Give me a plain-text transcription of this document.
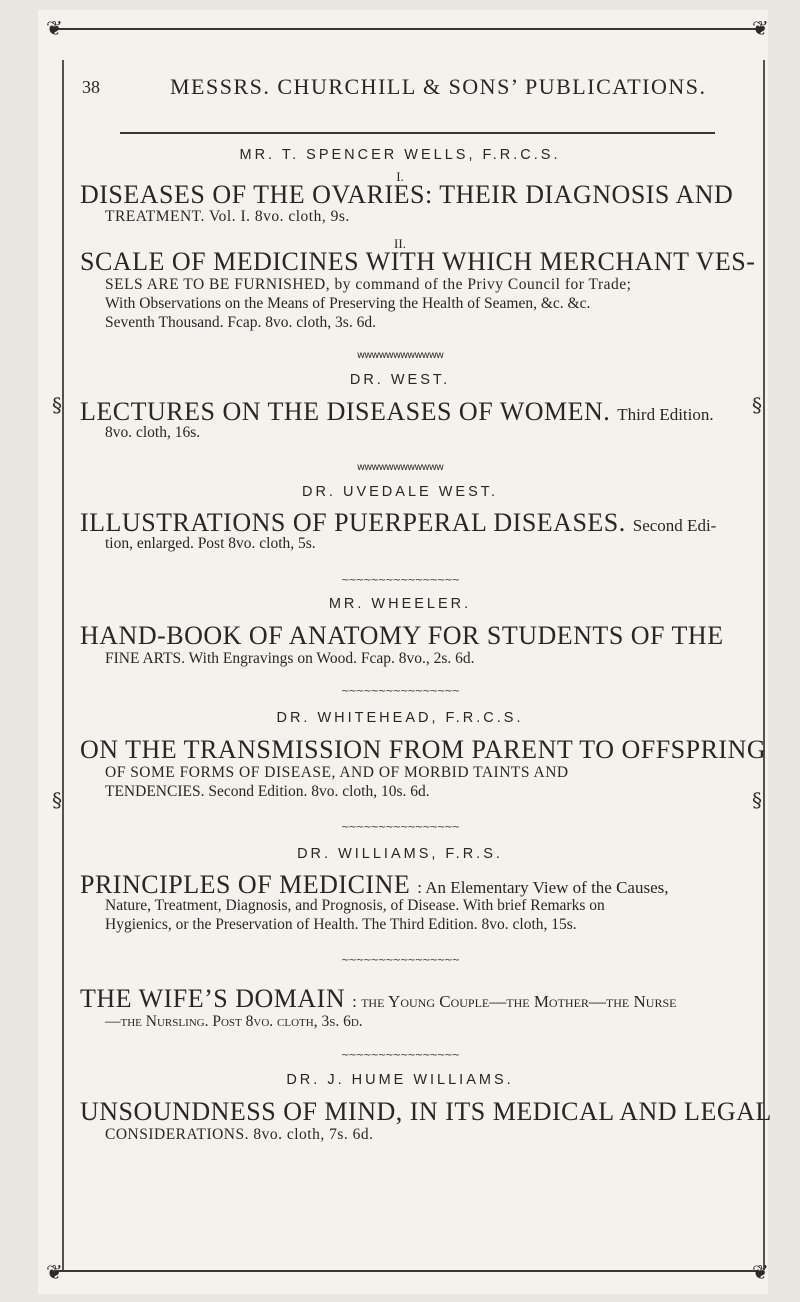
❦	❦
❦	❦
§	§
§	§
38	MESSRS. CHURCHILL & SONS’ PUBLICATIONS.
MR. T. SPENCER WELLS, F.R.C.S.
I.
DISEASES OF THE OVARIES: THEIR DIAGNOSIS AND
TREATMENT. Vol. I. 8vo. cloth, 9s.
II.
SCALE OF MEDICINES WITH WHICH MERCHANT VES-
SELS ARE TO BE FURNISHED, by command of the Privy Council for Trade;
With Observations on the Means of Preserving the Health of Seamen, &c. &c.
Seventh Thousand. Fcap. 8vo. cloth, 3s. 6d.
ᴡᴡᴡᴡᴡᴡᴡᴡᴡᴡᴡᴡ
DR. WEST.
LECTURES ON THE DISEASES OF WOMEN. Third Edition.
8vo. cloth, 16s.
ᴡᴡᴡᴡᴡᴡᴡᴡᴡᴡᴡᴡ
DR. UVEDALE WEST.
ILLUSTRATIONS OF PUERPERAL DISEASES. Second Edi-
tion, enlarged. Post 8vo. cloth, 5s.
~~~~~~~~~~~~~~~~
MR. WHEELER.
HAND-BOOK OF ANATOMY FOR STUDENTS OF THE
FINE ARTS. With Engravings on Wood. Fcap. 8vo., 2s. 6d.
~~~~~~~~~~~~~~~~
DR. WHITEHEAD, F.R.C.S.
ON THE TRANSMISSION FROM PARENT TO OFFSPRING
OF SOME FORMS OF DISEASE, AND OF MORBID TAINTS AND
TENDENCIES. Second Edition. 8vo. cloth, 10s. 6d.
~~~~~~~~~~~~~~~~
DR. WILLIAMS, F.R.S.
PRINCIPLES OF MEDICINE : An Elementary View of the Causes,
Nature, Treatment, Diagnosis, and Prognosis, of Disease. With brief Remarks on
Hygienics, or the Preservation of Health. The Third Edition. 8vo. cloth, 15s.
~~~~~~~~~~~~~~~~
THE WIFE’S DOMAIN : the Young Couple—the Mother—the Nurse
—the Nursling. Post 8vo. cloth, 3s. 6d.
~~~~~~~~~~~~~~~~
DR. J. HUME WILLIAMS.
UNSOUNDNESS OF MIND, IN ITS MEDICAL AND LEGAL
CONSIDERATIONS. 8vo. cloth, 7s. 6d.
